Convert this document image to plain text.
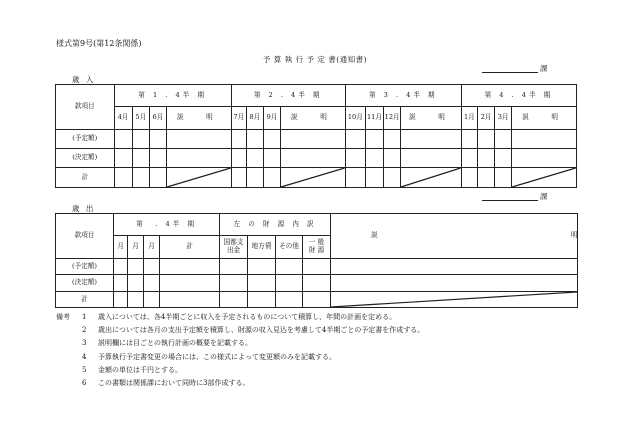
様式第9号(第12条関係)
予 算 執 行 予 定 書(通知書)
課
歳 入
款項目	第 1 . 4半 期				第 2 . 4半 期				第 3 . 4半 期				第 4 . 4半 期			
	4月	5月	6月	説　明	7月	8月	9月	説　明	10月	11月	12月	説　明	1月	2月	3月	説　明
(予定額)																
(決定額)																
計				

課
歳 出
款項目	第　. 4半 期				左 の 財 源 内 訳				説　　明
	月	月	月	計	国都支出金	地方債	その他	一 般財 源	
(予定額)									
(決定額)									
計									
備考	1	歳入については、各4半期ごとに収入を予定されるものについて積算し、年間の計画を定める。
2	歳出については各月の支出予定額を積算し、財源の収入見込を考慮して4半期ごとの予定書を作成する。
3	説明欄には目ごとの執行計画の概要を記載する。
4	予算執行予定書変更の場合には、この様式によって変更額のみを記載する。
5	金額の単位は千円とする。
6	この書類は関係課において同時に3部作成する。
